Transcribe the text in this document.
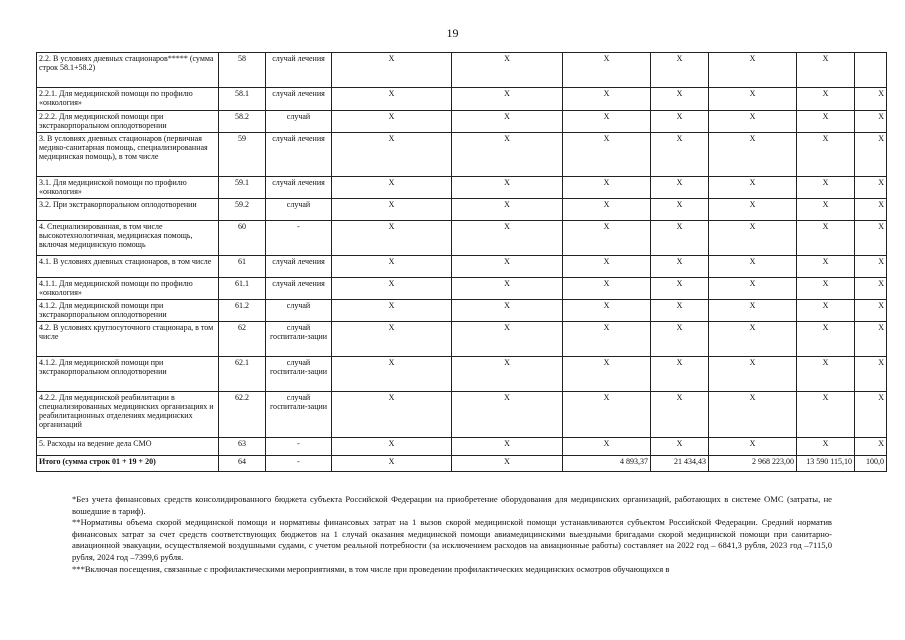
19
2.2. В условиях дневных стационаров***** (сумма строк 58.1+58.2)	58	случай лечения	X	X	X	X	X	X	
2.2.1. Для медицинской помощи по профилю «онкология»	58.1	случай лечения	X	X	X	X	X	X	X
2.2.2. Для медицинской помощи при экстракорпоральном оплодотворении	58.2	случай	X	X	X	X	X	X	X
3. В условиях дневных стационаров (первичная медико-санитарная помощь, специализированная медицинская помощь), в том числе	59	случай лечения	X	X	X	X	X	X	X
3.1. Для медицинской помощи по профилю «онкология»	59.1	случай лечения	X	X	X	X	X	X	X
3.2. При экстракорпоральном оплодотворении	59.2	случай	X	X	X	X	X	X	X
4. Специализированная, в том числе высокотехнологичная, медицинская помощь, включая медицинскую помощь	60	-	X	X	X	X	X	X	X
4.1. В условиях дневных стационаров, в том числе	61	случай лечения	X	X	X	X	X	X	X
4.1.1. Для медицинской помощи по профилю «онкология»	61.1	случай лечения	X	X	X	X	X	X	X
4.1.2. Для медицинской помощи при экстракорпоральном оплодотворении	61.2	случай	X	X	X	X	X	X	X
4.2. В условиях круглосуточного стационара, в том числе	62	случай госпитали-зации	X	X	X	X	X	X	X
4.1.2. Для медицинской помощи при экстракорпоральном оплодотворении	62.1	случай госпитали-зации	X	X	X	X	X	X	X
4.2.2. Для медицинской реабилитации в специализированных медицинских организациях и реабилитационных отделениях медицинских организаций	62.2	случай госпитали-зации	X	X	X	X	X	X	X
5. Расходы на ведение дела СМО	63	-	X	X	X	X	X	X	X
Итого (сумма строк 01 + 19 + 20)	64	-	X	X	4 893,37	21 434,43	2 968 223,00	13 590 115,10	100,0

*Без учета финансовых средств консолидированного бюджета субъекта Российской Федерации на приобретение оборудования для медицинских организаций, работающих в системе ОМС (затраты, не вошедшие в тариф).

**Нормативы объема скорой медицинской помощи и нормативы финансовых затрат на 1 вызов скорой медицинской помощи устанавливаются субъектом Российской Федерации. Средний норматив финансовых затрат за счет средств соответствующих бюджетов на 1 случай оказания медицинской помощи авиамедицинскими выездными бригадами скорой медицинской помощи при санитарно-авиационной эвакуации, осуществляемой воздушными судами, с учетом реальной потребности (за исключением расходов на авиационные работы) составляет на 2022 год – 6841,3 рубля, 2023 год –7115,0 рубля, 2024 год –7399,6 рубля.

***Включая посещения, связанные с профилактическими мероприятиями, в том числе при проведении профилактических медицинских осмотров обучающихся в
